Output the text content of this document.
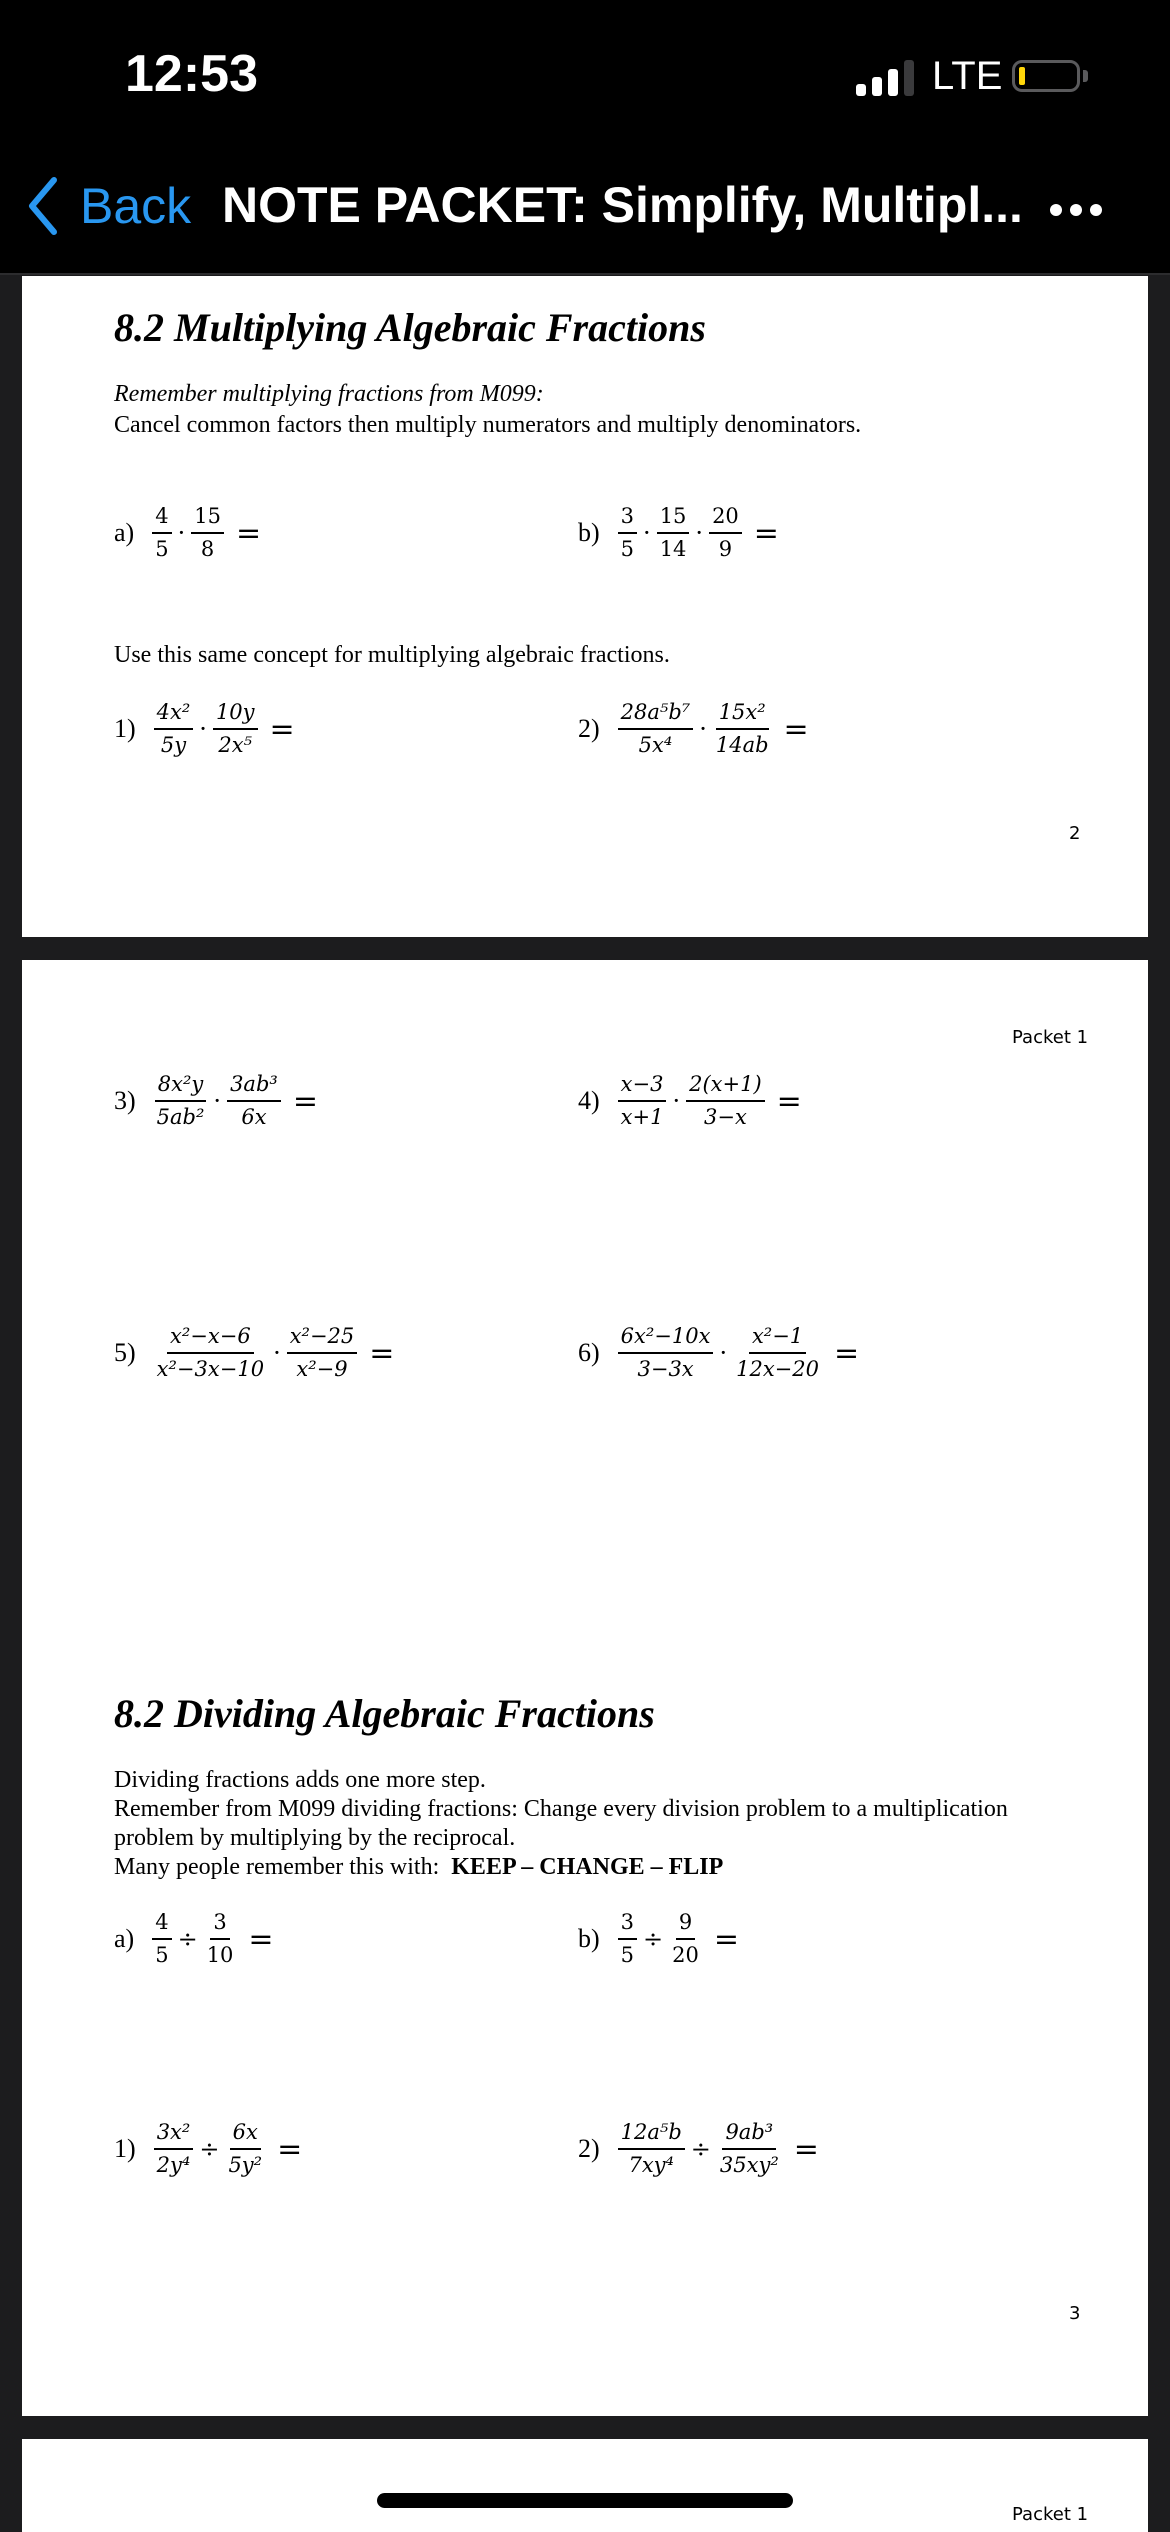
12:53	LTE
Back NOTE PACKET: Simplify, Multipl...
8.2 Multiplying Algebraic Fractions
Remember multiplying fractions from M099:
Cancel common factors then multiply numerators and multiply denominators.
$a) \frac{4}{5} \cdot \frac{15}{8}$ =	$b) \frac{3}{5} \cdot \frac{15}{14} \cdot \frac{20}{9}$ =
Use this same concept for multiplying algebraic fractions.
$1) \frac{\text{4x²}}{5y} \cdot \frac{10y}{\text{2x⁵}}$ =	$2) \frac{\text{28a⁵b⁷}}{\text{5x⁴}} \cdot \frac{\text{15x²}}{14ab}$ =
2
Packet 1
$3) \frac{\text{8x²y}}{\text{5ab²}} \cdot \frac{\text{3ab³}}{6x}$ =	$4) \frac{x-3}{x+1} \cdot \frac{2(x+1)}{3-x}$ =
$5) \frac{\text{x²−x−6}}{\text{x²−3x−10}} \cdot \frac{\text{x²−25}}{\text{x²−9}}$ =	$6) \frac{\text{6x²−10x}}{3-3x} \cdot \frac{\text{x²−1}}{12x-20}$ =
8.2 Dividing Algebraic Fractions
Dividing fractions adds one more step.
Remember from M099 dividing fractions: Change every division problem to a multiplication
problem by multiplying by the reciprocal.
Many people remember this with:  KEEP – CHANGE – FLIP
$a) \frac{4}{5} \div \frac{3}{10}$ =	$b) \frac{3}{5} \div \frac{9}{20}$ =
$1) \frac{\text{3x²}}{\text{2y⁴}} \div \frac{6x}{\text{5y²}}$ =	$2) \frac{\text{12a⁵b}}{\text{7xy⁴}} \div \frac{\text{9ab³}}{\text{35xy²}}$ =
3
Packet 1
